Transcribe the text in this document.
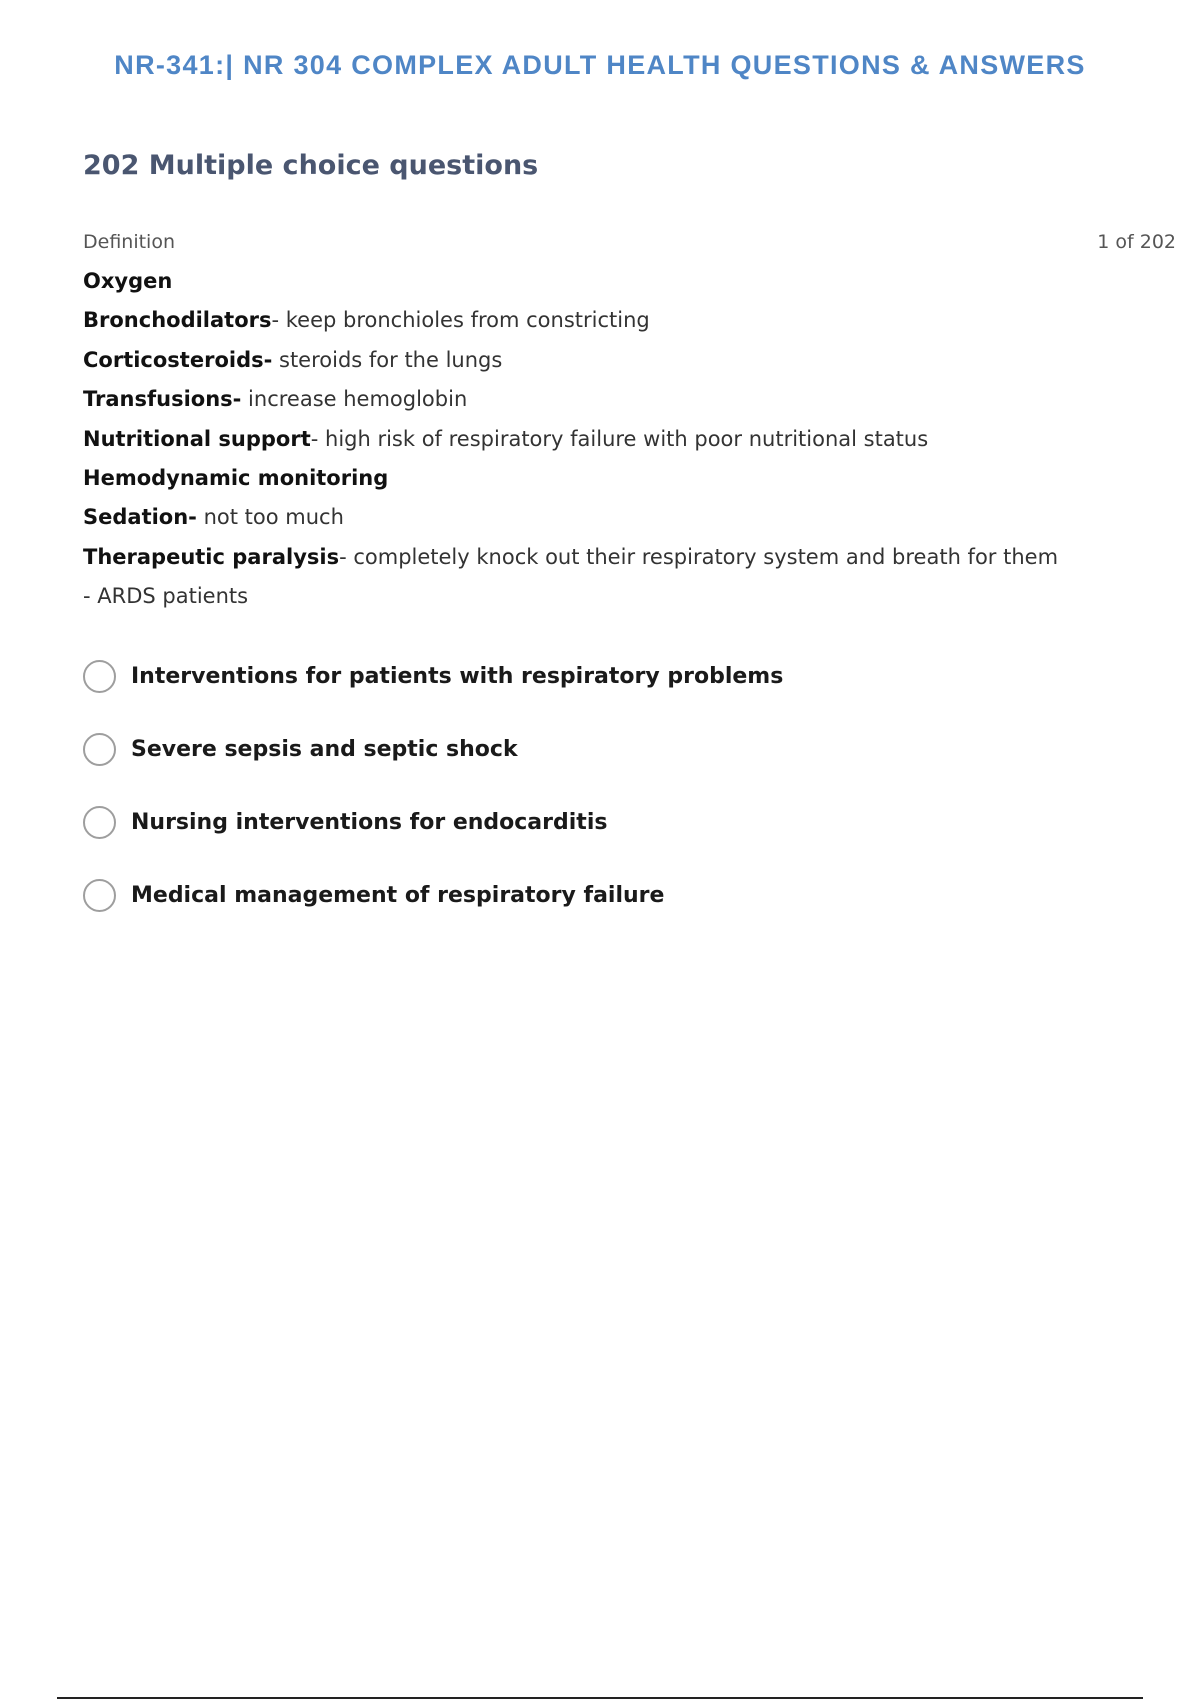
NR-341:| NR 304 COMPLEX ADULT HEALTH QUESTIONS & ANSWERS
202 Multiple choice questions
Definition	1 of 202
Oxygen
Bronchodilators- keep bronchioles from constricting
Corticosteroids- steroids for the lungs
Transfusions- increase hemoglobin
Nutritional support- high risk of respiratory failure with poor nutritional status
Hemodynamic monitoring
Sedation- not too much
Therapeutic paralysis- completely knock out their respiratory system and breath for them
- ARDS patients
Interventions for patients with respiratory problems
Severe sepsis and septic shock
Nursing interventions for endocarditis
Medical management of respiratory failure
